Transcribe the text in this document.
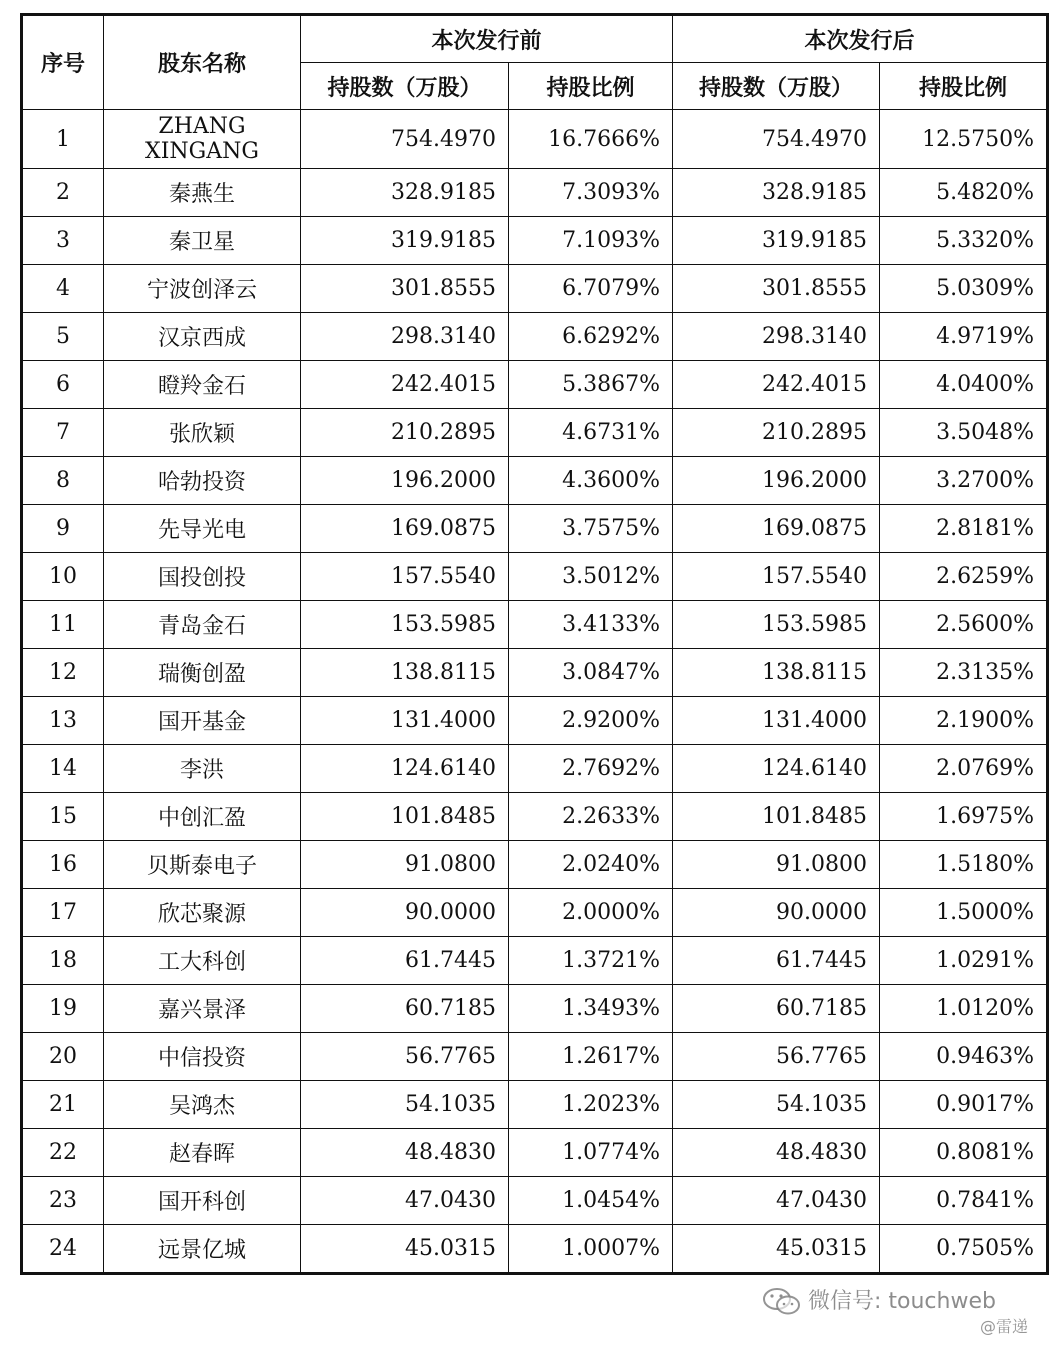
序号	股东名称	本次发行前		本次发行后	
		持股数（万股）	持股比例	持股数（万股）	持股比例
1	ZHANG XINGANG	754.4970	16.7666%	754.4970	12.5750%
2	秦燕生	328.9185	7.3093%	328.9185	5.4820%
3	秦卫星	319.9185	7.1093%	319.9185	5.3320%
4	宁波创泽云	301.8555	6.7079%	301.8555	5.0309%
5	汉京西成	298.3140	6.6292%	298.3140	4.9719%
6	瞪羚金石	242.4015	5.3867%	242.4015	4.0400%
7	张欣颖	210.2895	4.6731%	210.2895	3.5048%
8	哈勃投资	196.2000	4.3600%	196.2000	3.2700%
9	先导光电	169.0875	3.7575%	169.0875	2.8181%
10	国投创投	157.5540	3.5012%	157.5540	2.6259%
11	青岛金石	153.5985	3.4133%	153.5985	2.5600%
12	瑞衡创盈	138.8115	3.0847%	138.8115	2.3135%
13	国开基金	131.4000	2.9200%	131.4000	2.1900%
14	李洪	124.6140	2.7692%	124.6140	2.0769%
15	中创汇盈	101.8485	2.2633%	101.8485	1.6975%
16	贝斯泰电子	91.0800	2.0240%	91.0800	1.5180%
17	欣芯聚源	90.0000	2.0000%	90.0000	1.5000%
18	工大科创	61.7445	1.3721%	61.7445	1.0291%
19	嘉兴景泽	60.7185	1.3493%	60.7185	1.0120%
20	中信投资	56.7765	1.2617%	56.7765	0.9463%
21	吴鸿杰	54.1035	1.2023%	54.1035	0.9017%
22	赵春晖	48.4830	1.0774%	48.4830	0.8081%
23	国开科创	47.0430	1.0454%	47.0430	0.7841%
24	远景亿城	45.0315	1.0007%	45.0315	0.7505%
微信号: touchweb
@雷递
